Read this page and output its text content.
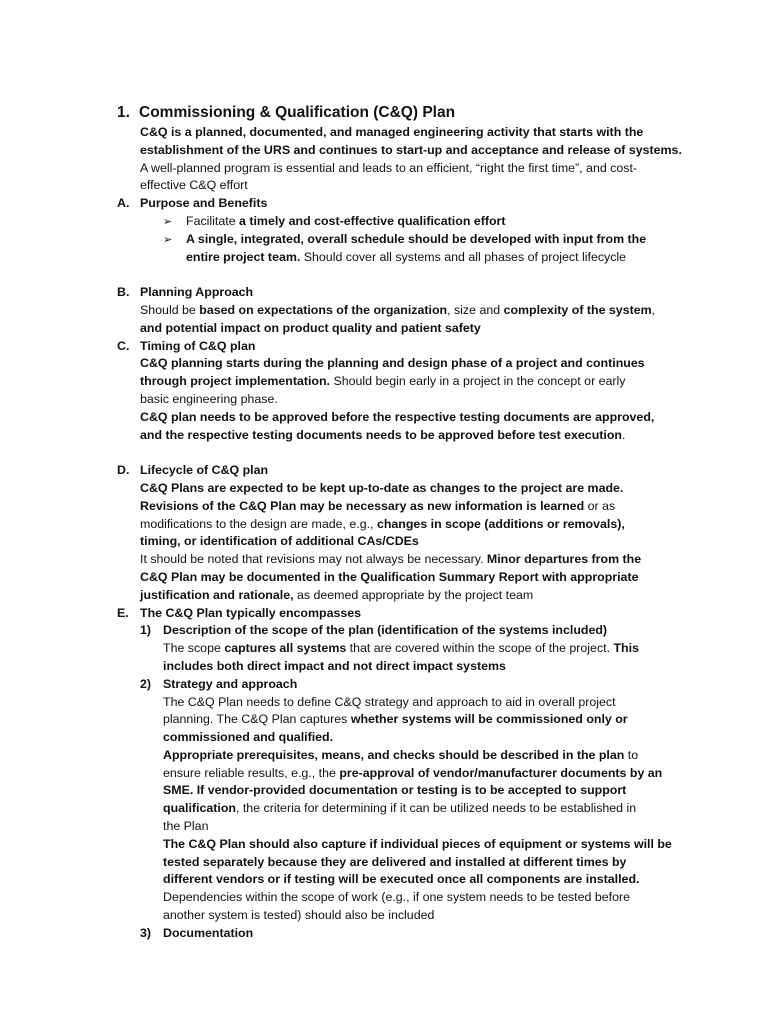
1. Commissioning & Qualification (C&Q) Plan
C&Q is a planned, documented, and managed engineering activity that starts with the
establishment of the URS and continues to start-up and acceptance and release of systems.
A well-planned program is essential and leads to an efficient, “right the first time”, and cost-
effective C&Q effort
A. Purpose and Benefits
➢ Facilitate a timely and cost-effective qualification effort
➢ A single, integrated, overall schedule should be developed with input from the
entire project team. Should cover all systems and all phases of project lifecycle
B. Planning Approach
Should be based on expectations of the organization, size and complexity of the system,
and potential impact on product quality and patient safety
C. Timing of C&Q plan
C&Q planning starts during the planning and design phase of a project and continues
through project implementation. Should begin early in a project in the concept or early
basic engineering phase.
C&Q plan needs to be approved before the respective testing documents are approved,
and the respective testing documents needs to be approved before test execution.
D. Lifecycle of C&Q plan
C&Q Plans are expected to be kept up-to-date as changes to the project are made.
Revisions of the C&Q Plan may be necessary as new information is learned or as
modifications to the design are made, e.g., changes in scope (additions or removals),
timing, or identification of additional CAs/CDEs
It should be noted that revisions may not always be necessary. Minor departures from the
C&Q Plan may be documented in the Qualification Summary Report with appropriate
justification and rationale, as deemed appropriate by the project team
E. The C&Q Plan typically encompasses
1) Description of the scope of the plan (identification of the systems included)
The scope captures all systems that are covered within the scope of the project. This
includes both direct impact and not direct impact systems
2) Strategy and approach
The C&Q Plan needs to define C&Q strategy and approach to aid in overall project
planning. The C&Q Plan captures whether systems will be commissioned only or
commissioned and qualified.
Appropriate prerequisites, means, and checks should be described in the plan to
ensure reliable results, e.g., the pre-approval of vendor/manufacturer documents by an
SME. If vendor-provided documentation or testing is to be accepted to support
qualification, the criteria for determining if it can be utilized needs to be established in
the Plan
The C&Q Plan should also capture if individual pieces of equipment or systems will be
tested separately because they are delivered and installed at different times by
different vendors or if testing will be executed once all components are installed.
Dependencies within the scope of work (e.g., if one system needs to be tested before
another system is tested) should also be included
3) Documentation
